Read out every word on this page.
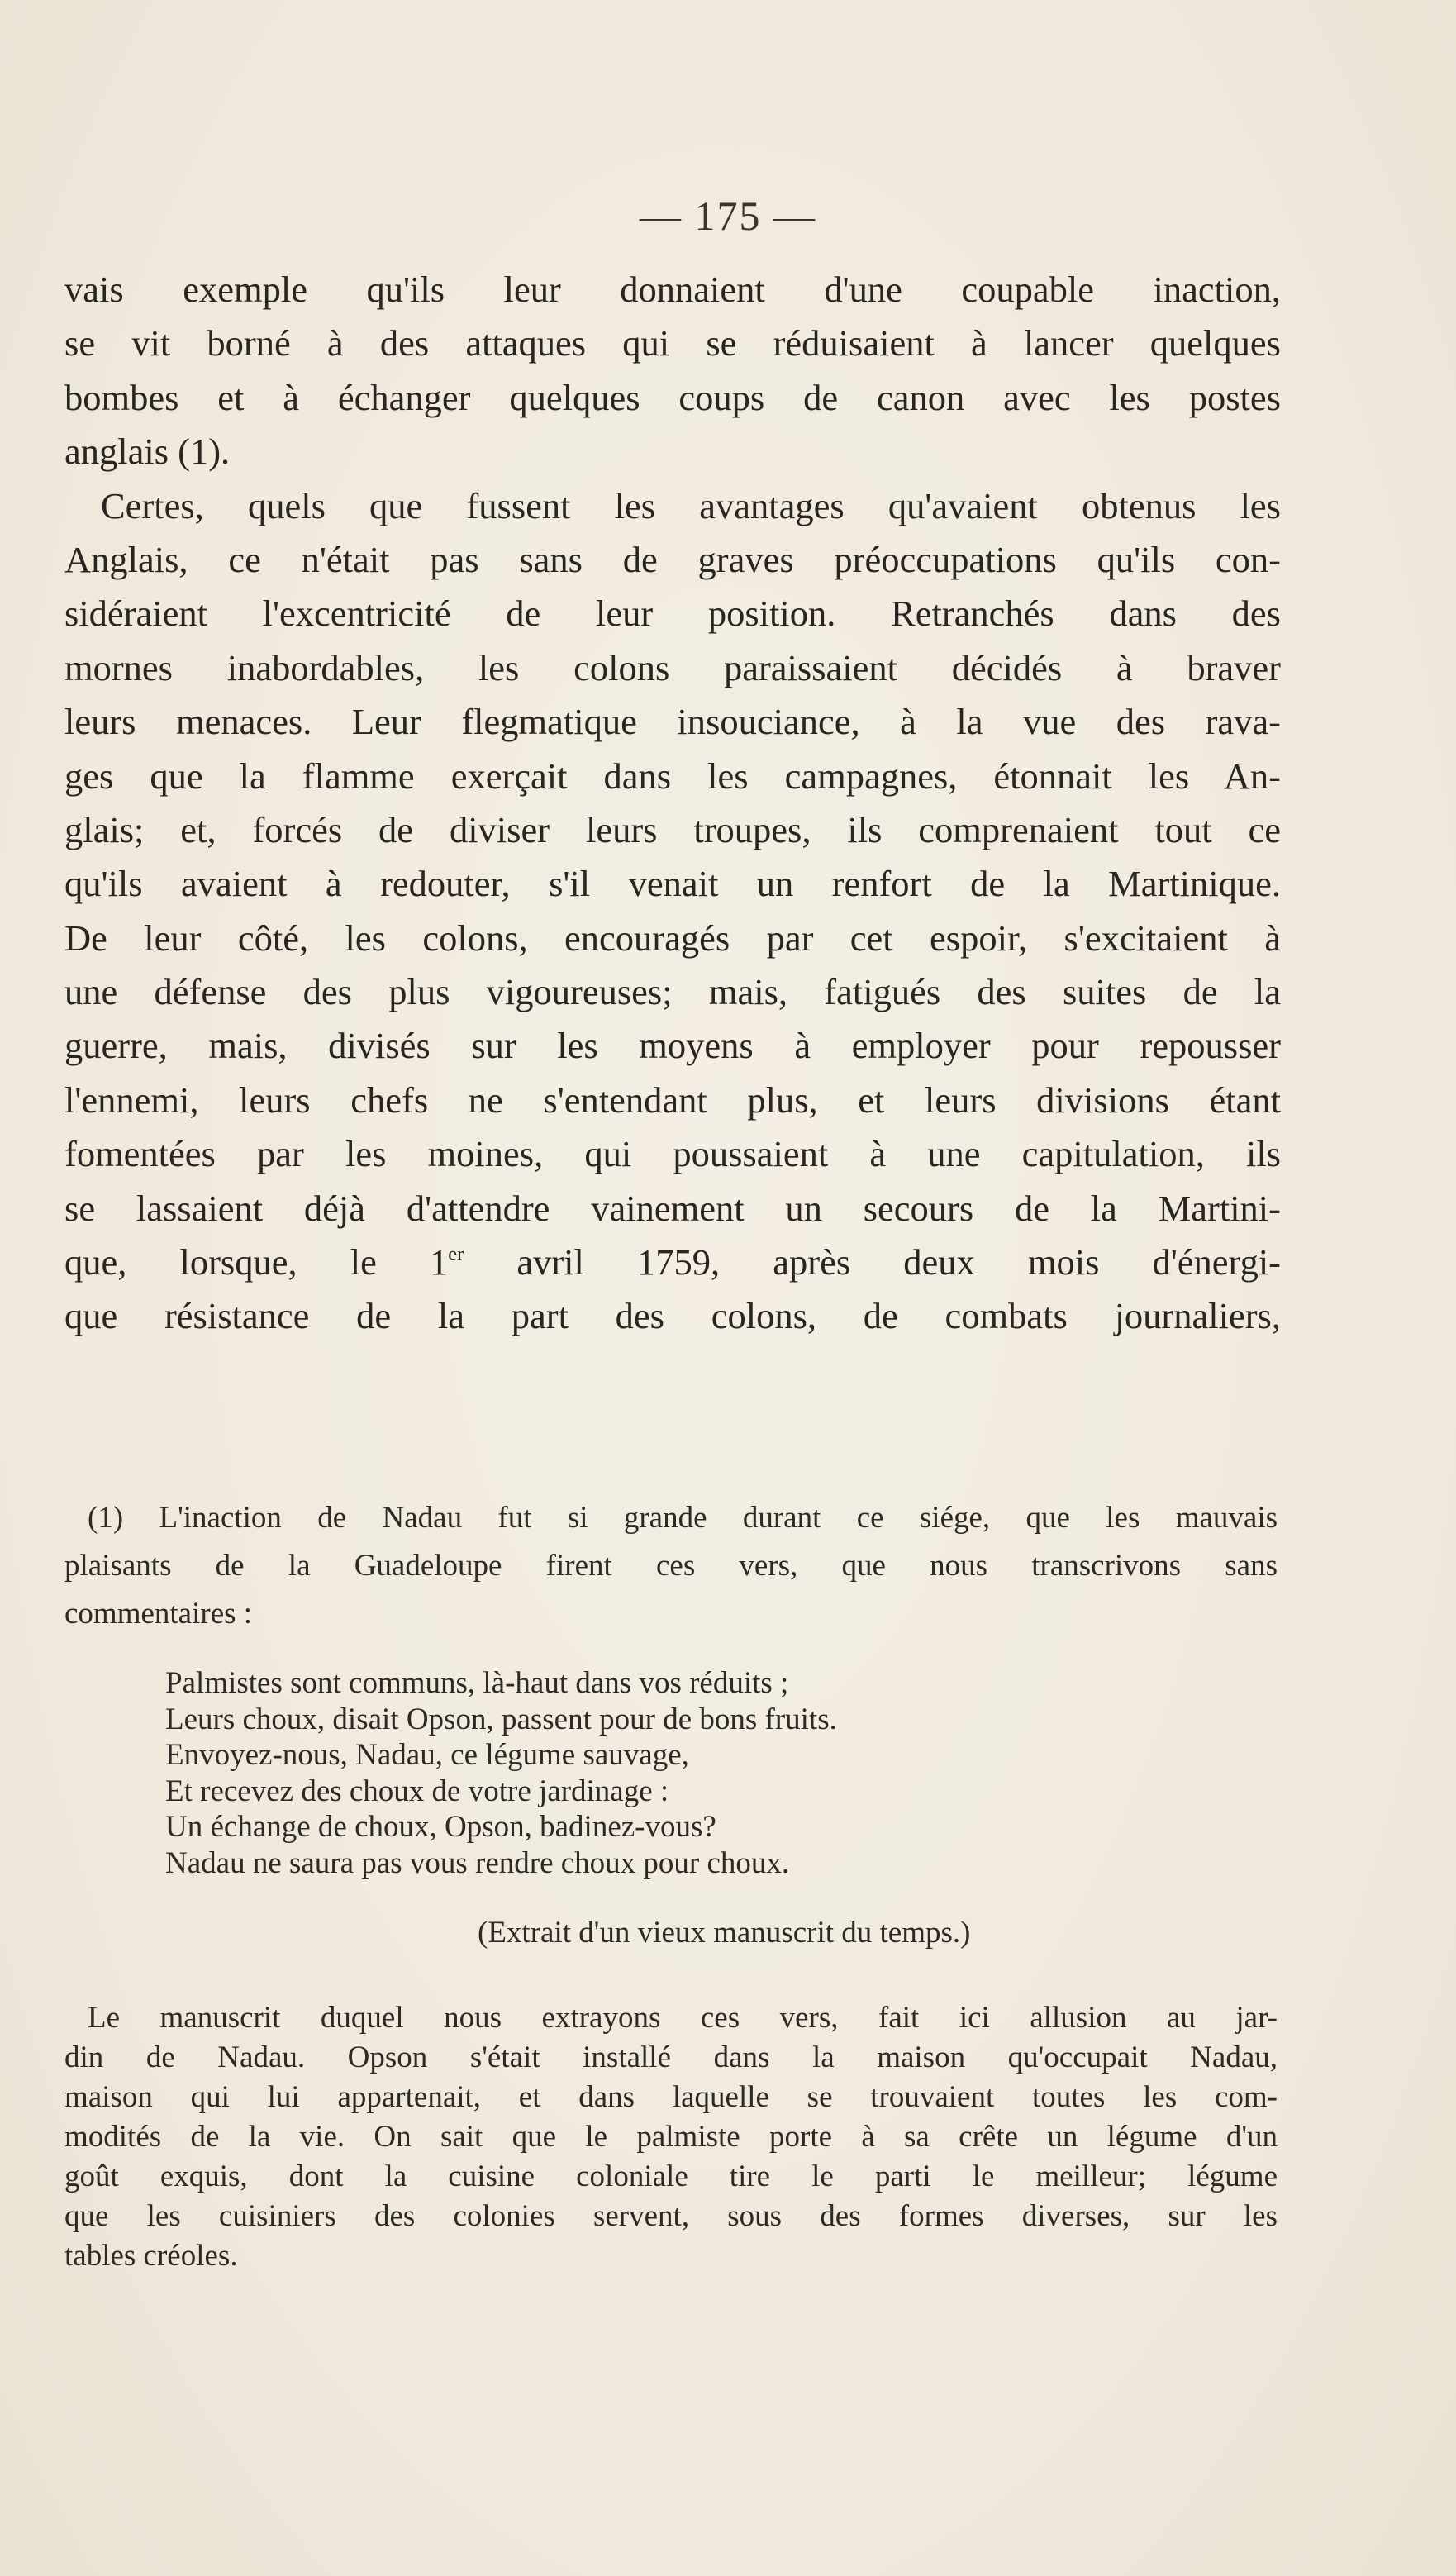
— 175 —
vais exemple qu'ils leur donnaient d'une coupable inaction,
se vit borné à des attaques qui se réduisaient à lancer quelques
bombes et à échanger quelques coups de canon avec les postes
anglais (1).
Certes, quels que fussent les avantages qu'avaient obtenus les
Anglais, ce n'était pas sans de graves préoccupations qu'ils con-
sidéraient l'excentricité de leur position. Retranchés dans des
mornes inabordables, les colons paraissaient décidés à braver
leurs menaces. Leur flegmatique insouciance, à la vue des rava-
ges que la flamme exerçait dans les campagnes, étonnait les An-
glais; et, forcés de diviser leurs troupes, ils comprenaient tout ce
qu'ils avaient à redouter, s'il venait un renfort de la Martinique.
De leur côté, les colons, encouragés par cet espoir, s'excitaient à
une défense des plus vigoureuses; mais, fatigués des suites de la
guerre, mais, divisés sur les moyens à employer pour repousser
l'ennemi, leurs chefs ne s'entendant plus, et leurs divisions étant
fomentées par les moines, qui poussaient à une capitulation, ils
se lassaient déjà d'attendre vainement un secours de la Martini-
que, lorsque, le 1er avril 1759, après deux mois d'énergi-
que résistance de la part des colons, de combats journaliers,
(1) L'inaction de Nadau fut si grande durant ce siége, que les mauvais
plaisants de la Guadeloupe firent ces vers, que nous transcrivons sans
commentaires :
Palmistes sont communs, là-haut dans vos réduits ;
Leurs choux, disait Opson, passent pour de bons fruits.
Envoyez-nous, Nadau, ce légume sauvage,
Et recevez des choux de votre jardinage :
Un échange de choux, Opson, badinez-vous?
Nadau ne saura pas vous rendre choux pour choux.
(Extrait d'un vieux manuscrit du temps.)
Le manuscrit duquel nous extrayons ces vers, fait ici allusion au jar-
din de Nadau. Opson s'était installé dans la maison qu'occupait Nadau,
maison qui lui appartenait, et dans laquelle se trouvaient toutes les com-
modités de la vie. On sait que le palmiste porte à sa crête un légume d'un
goût exquis, dont la cuisine coloniale tire le parti le meilleur; légume
que les cuisiniers des colonies servent, sous des formes diverses, sur les
tables créoles.
